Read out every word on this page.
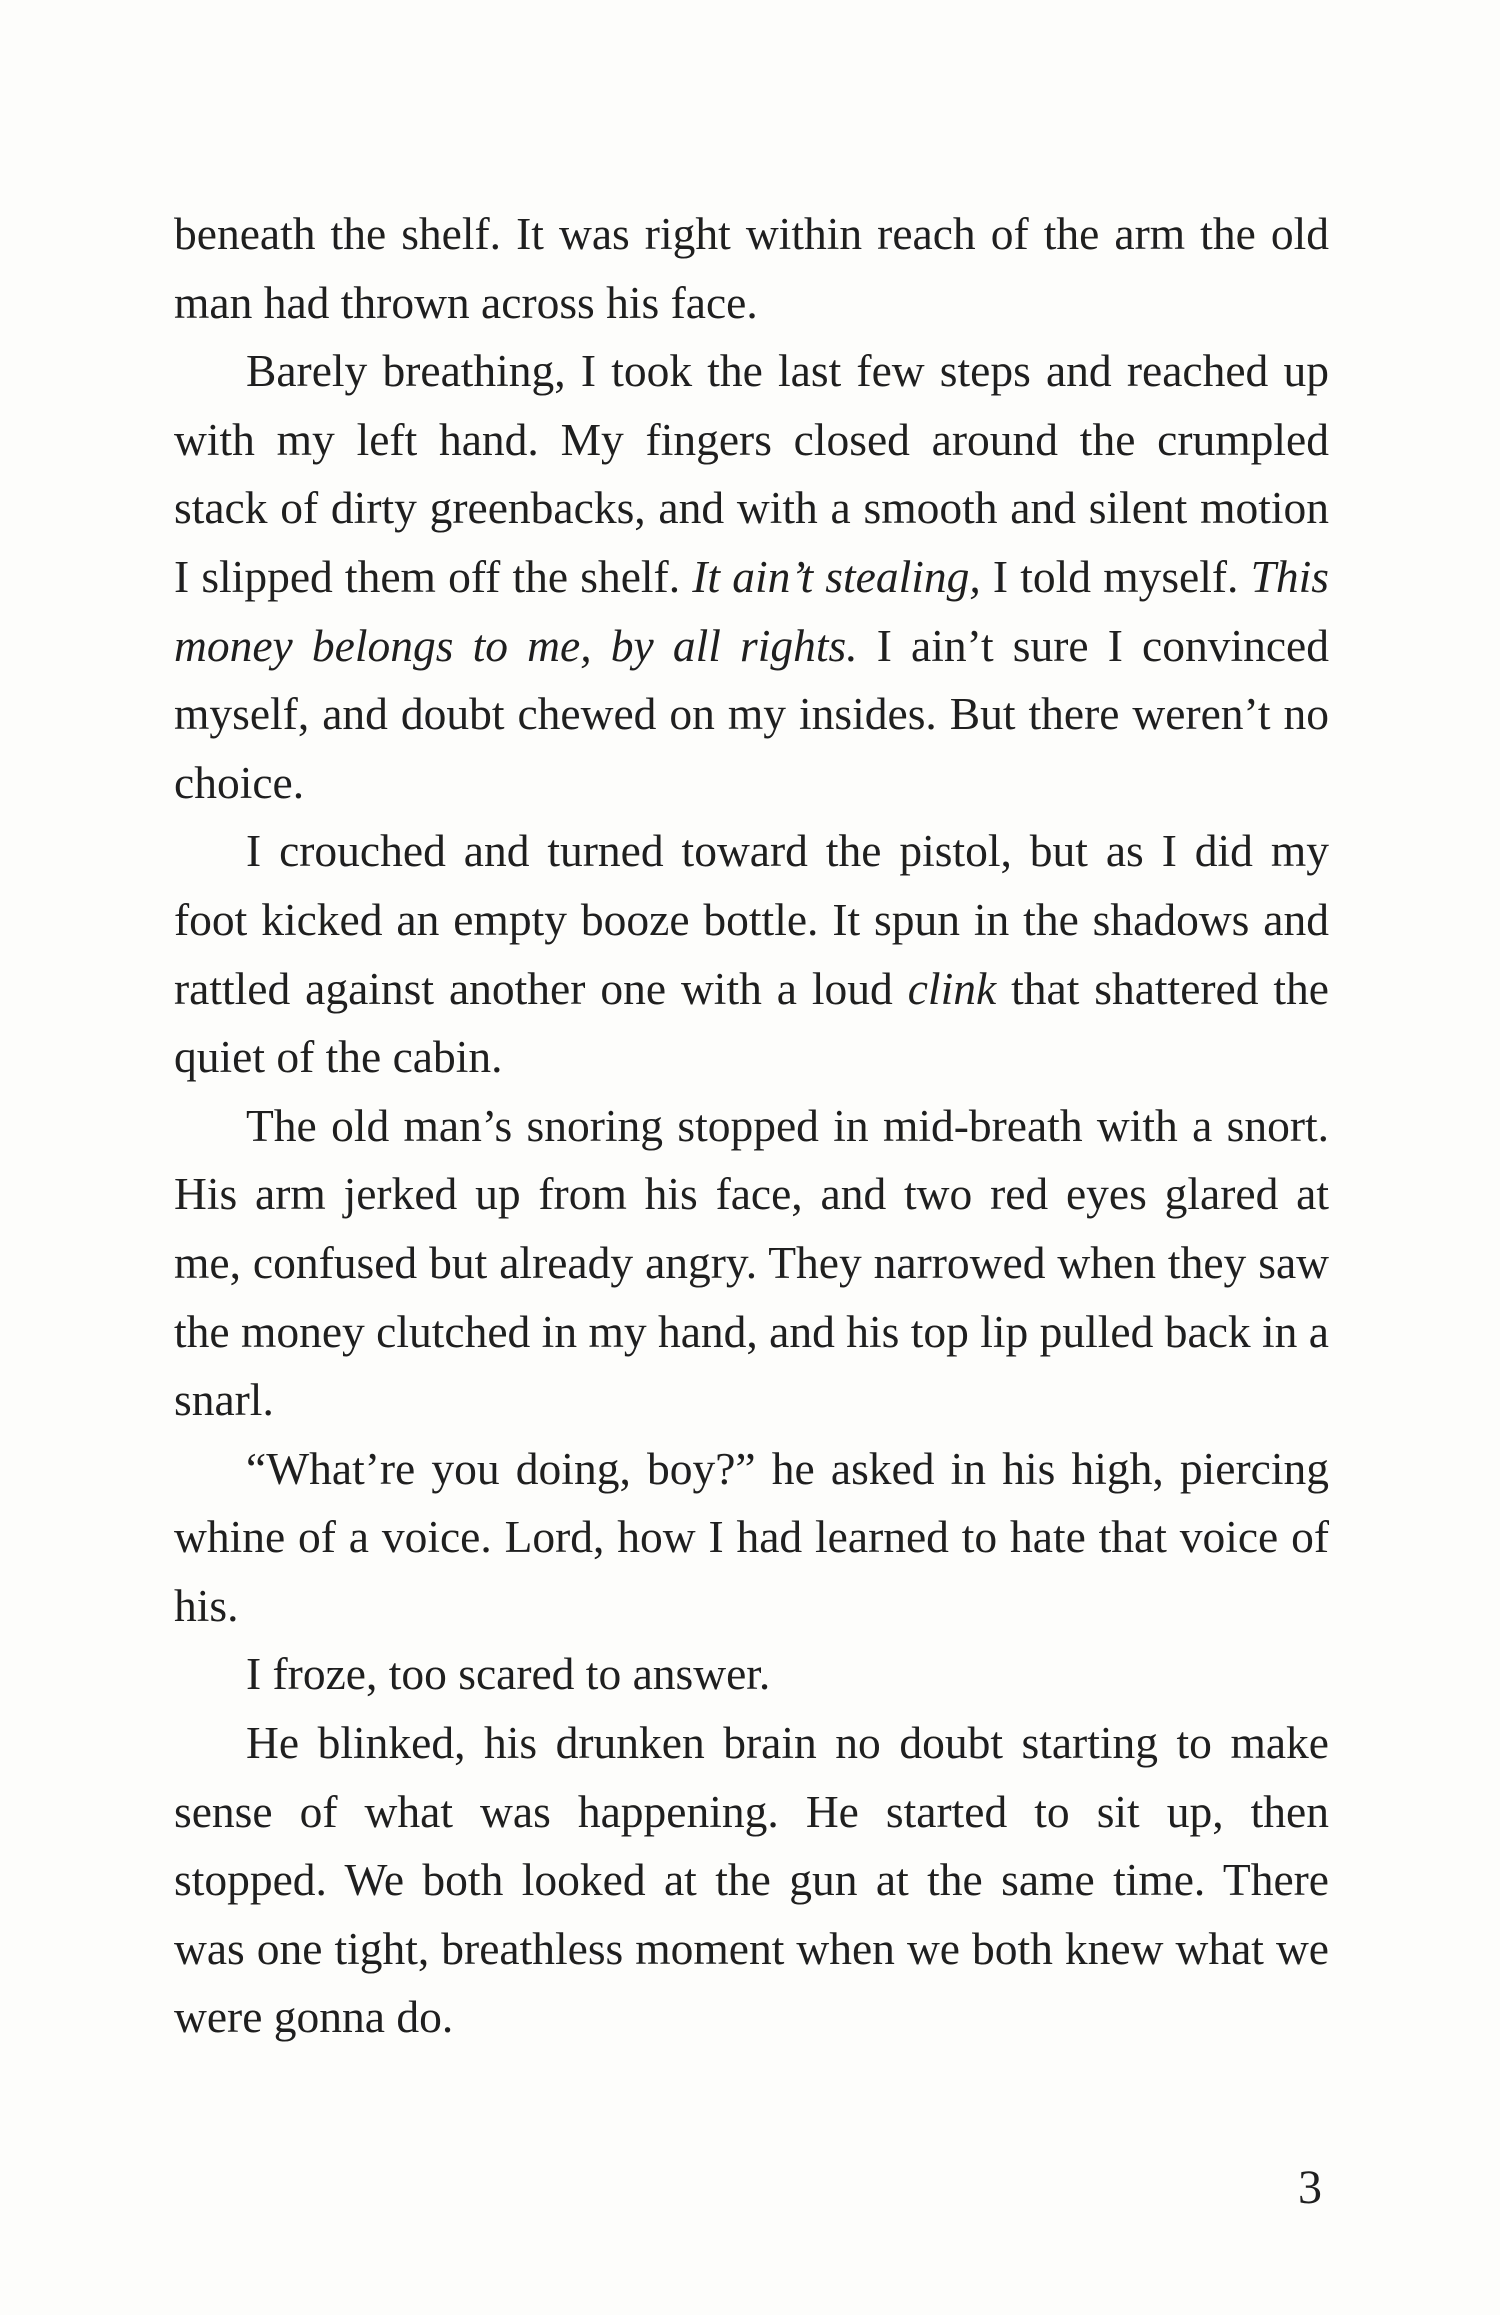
beneath the shelf. It was right within reach of the arm the old man had thrown across his face.

Barely breathing, I took the last few steps and reached up with my left hand. My fingers closed around the crumpled stack of dirty greenbacks, and with a smooth and silent motion I slipped them off the shelf. It ain’t stealing, I told myself. This money belongs to me, by all rights. I ain’t sure I convinced myself, and doubt chewed on my insides. But there weren’t no choice.

I crouched and turned toward the pistol, but as I did my foot kicked an empty booze bottle. It spun in the shadows and rattled against another one with a loud clink that shattered the quiet of the cabin.

The old man’s snoring stopped in mid-breath with a snort. His arm jerked up from his face, and two red eyes glared at me, confused but already angry. They narrowed when they saw the money clutched in my hand, and his top lip pulled back in a snarl.

“What’re you doing, boy?” he asked in his high, piercing whine of a voice. Lord, how I had learned to hate that voice of his.

I froze, too scared to answer.

He blinked, his drunken brain no doubt starting to make sense of what was happening. He started to sit up, then stopped. We both looked at the gun at the same time. There was one tight, breathless moment when we both knew what we were gonna do.

3
